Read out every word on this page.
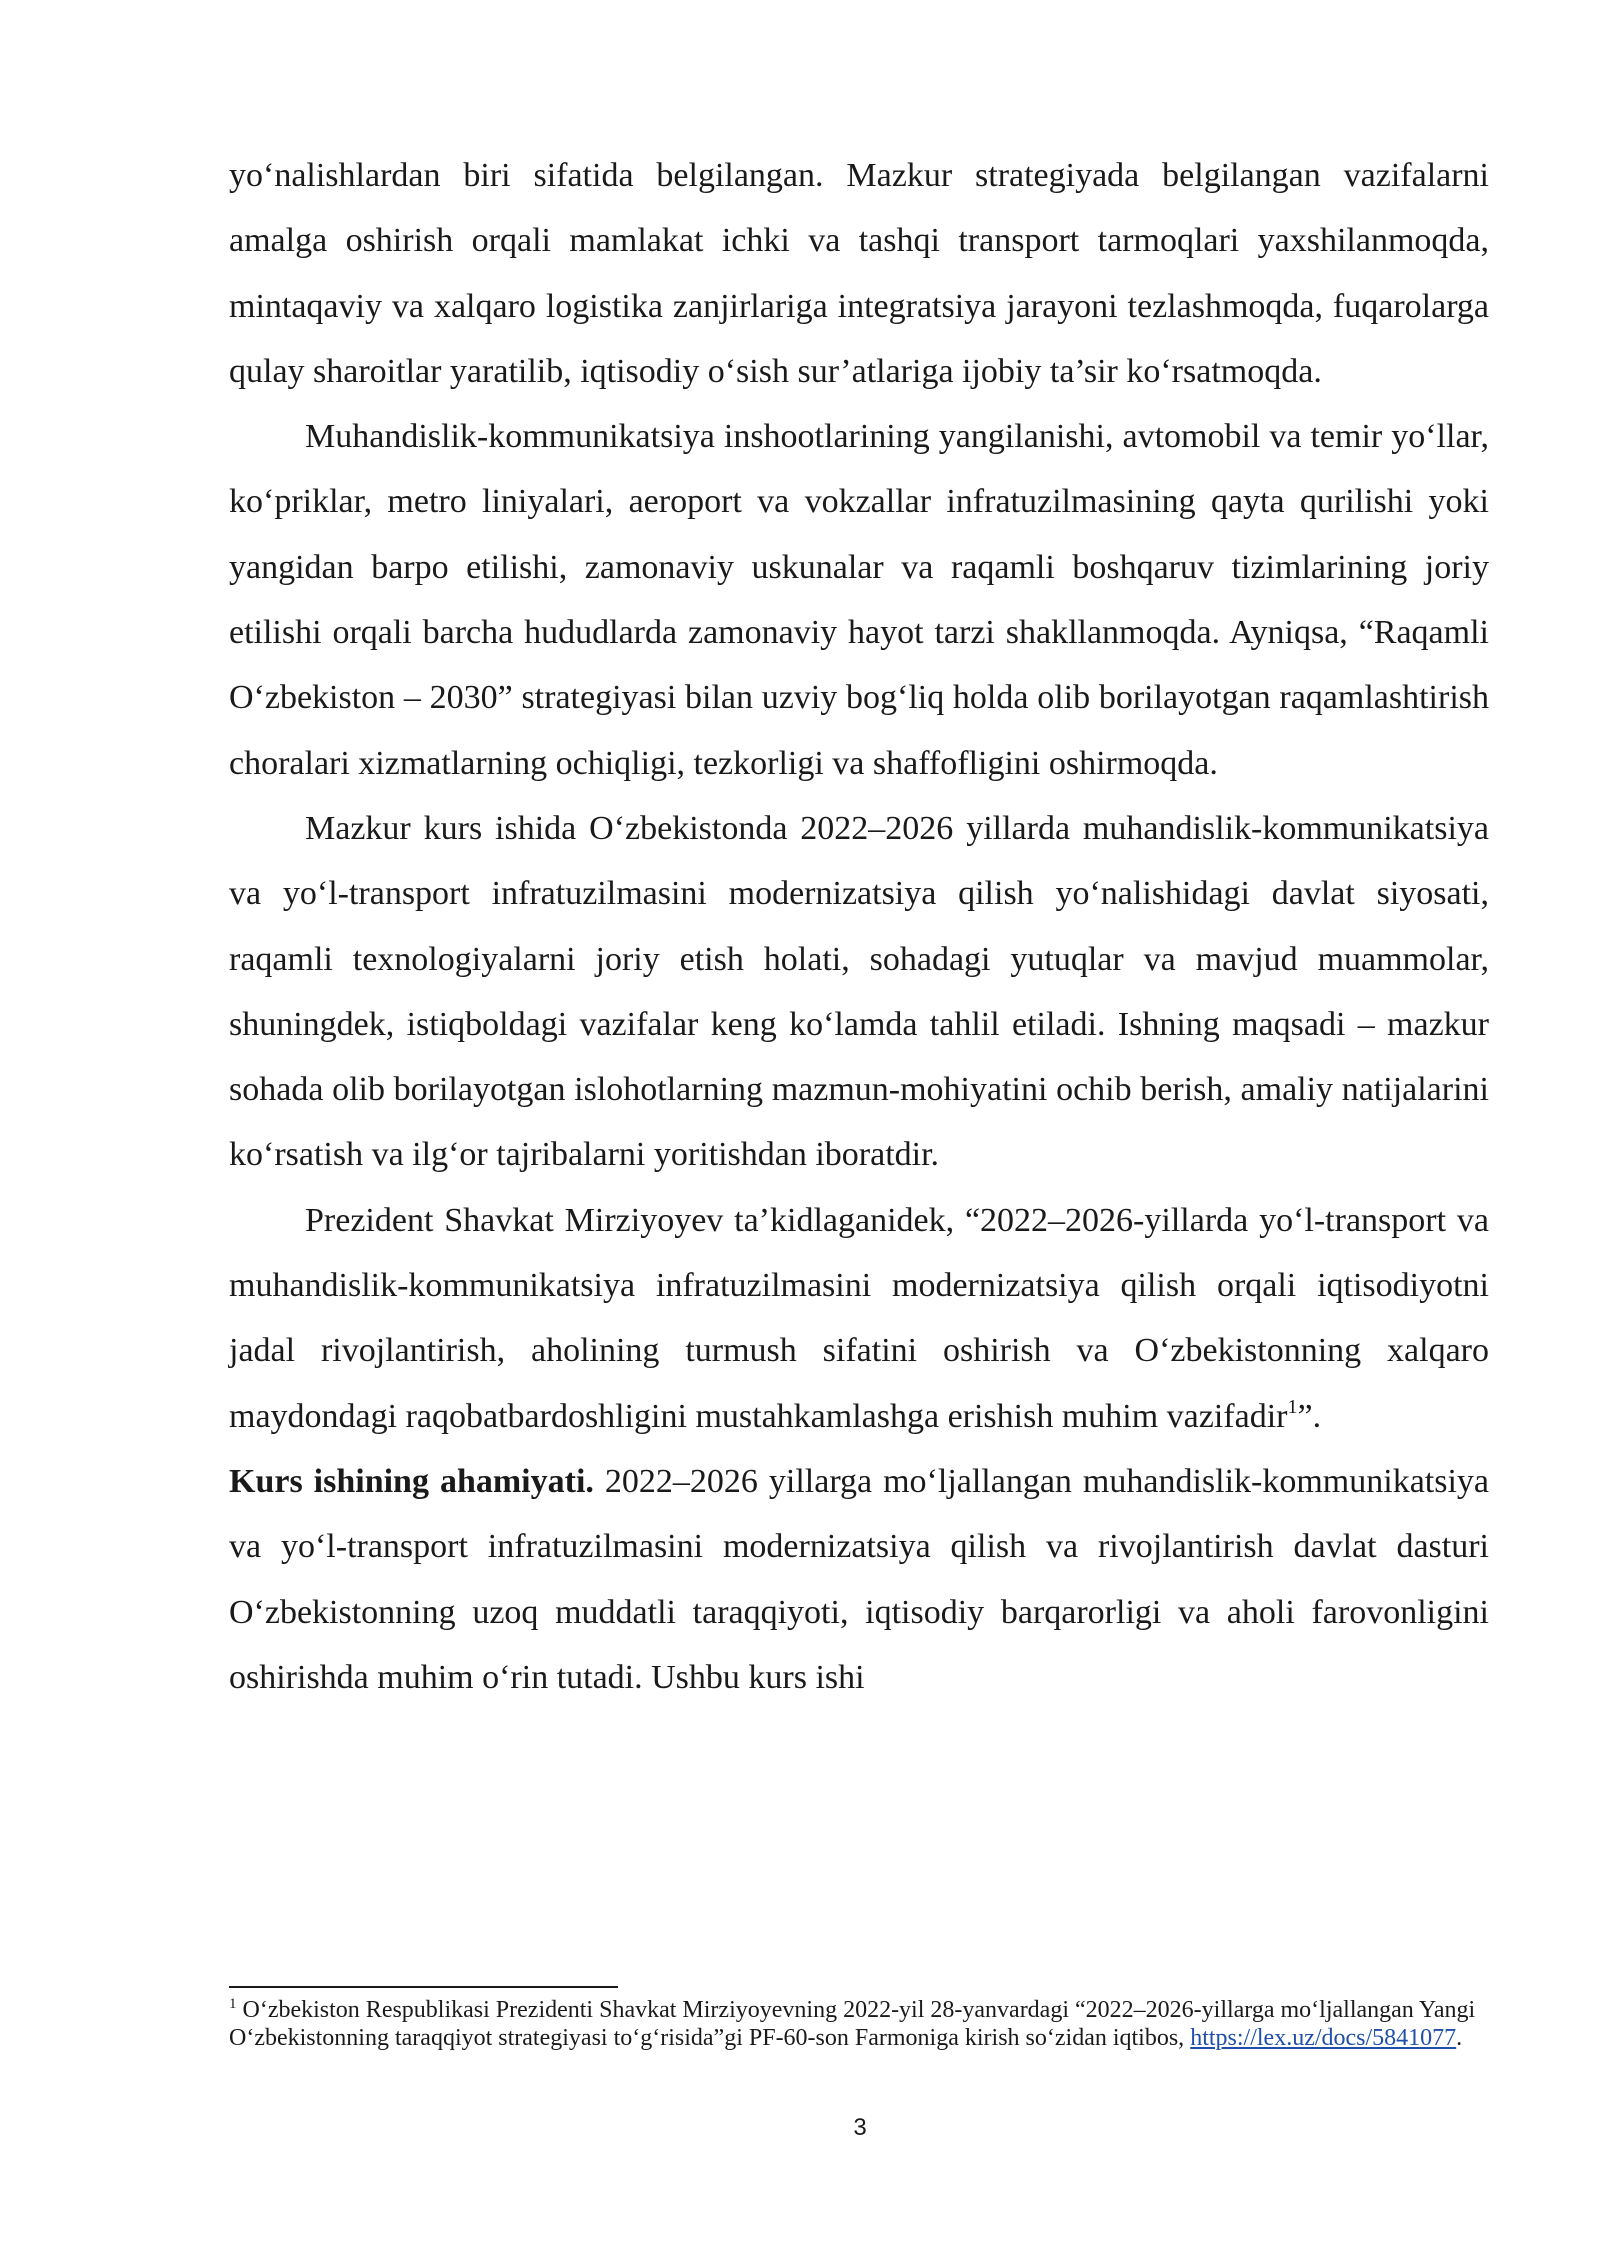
yo‘nalishlardan biri sifatida belgilangan. Mazkur strategiyada belgilangan vazifalarni amalga oshirish orqali mamlakat ichki va tashqi transport tarmoqlari yaxshilanmoqda, mintaqaviy va xalqaro logistika zanjirlariga integratsiya jarayoni tezlashmoqda, fuqarolarga qulay sharoitlar yaratilib, iqtisodiy o‘sish sur’atlariga ijobiy ta’sir ko‘rsatmoqda.

Muhandislik-kommunikatsiya inshootlarining yangilanishi, avtomobil va temir yo‘llar, ko‘priklar, metro liniyalari, aeroport va vokzallar infratuzilmasining qayta qurilishi yoki yangidan barpo etilishi, zamonaviy uskunalar va raqamli boshqaruv tizimlarining joriy etilishi orqali barcha hududlarda zamonaviy hayot tarzi shakllanmoqda. Ayniqsa, “Raqamli O‘zbekiston – 2030” strategiyasi bilan uzviy bog‘liq holda olib borilayotgan raqamlashtirish choralari xizmatlarning ochiqligi, tezkorligi va shaffofligini oshirmoqda.

Mazkur kurs ishida O‘zbekistonda 2022–2026 yillarda muhandislik-kommunikatsiya va yo‘l-transport infratuzilmasini modernizatsiya qilish yo‘nalishidagi davlat siyosati, raqamli texnologiyalarni joriy etish holati, sohadagi yutuqlar va mavjud muammolar, shuningdek, istiqboldagi vazifalar keng ko‘lamda tahlil etiladi. Ishning maqsadi – mazkur sohada olib borilayotgan islohotlarning mazmun-mohiyatini ochib berish, amaliy natijalarini ko‘rsatish va ilg‘or tajribalarni yoritishdan iboratdir.

Prezident Shavkat Mirziyoyev ta’kidlaganidek, “2022–2026-yillarda yo‘l-transport va muhandislik-kommunikatsiya infratuzilmasini modernizatsiya qilish orqali iqtisodiyotni jadal rivojlantirish, aholining turmush sifatini oshirish va O‘zbekistonning xalqaro maydondagi raqobatbardoshligini mustahkamlashga erishish muhim vazifadir$^1$”.

Kurs ishining ahamiyati. 2022–2026 yillarga mo‘ljallangan muhandislik-kommunikatsiya va yo‘l-transport infratuzilmasini modernizatsiya qilish va rivojlantirish davlat dasturi O‘zbekistonning uzoq muddatli taraqqiyoti, iqtisodiy barqarorligi va aholi farovonligini oshirishda muhim o‘rin tutadi. Ushbu kurs ishi

$^1$ O‘zbekiston Respublikasi Prezidenti Shavkat Mirziyoyevning 2022-yil 28-yanvardagi “2022–2026-yillarga mo‘ljallangan Yangi O‘zbekistonning taraqqiyot strategiyasi to‘g‘risida”gi PF-60-son Farmoniga kirish so‘zidan iqtibos, https://lex.uz/docs/5841077.
3
